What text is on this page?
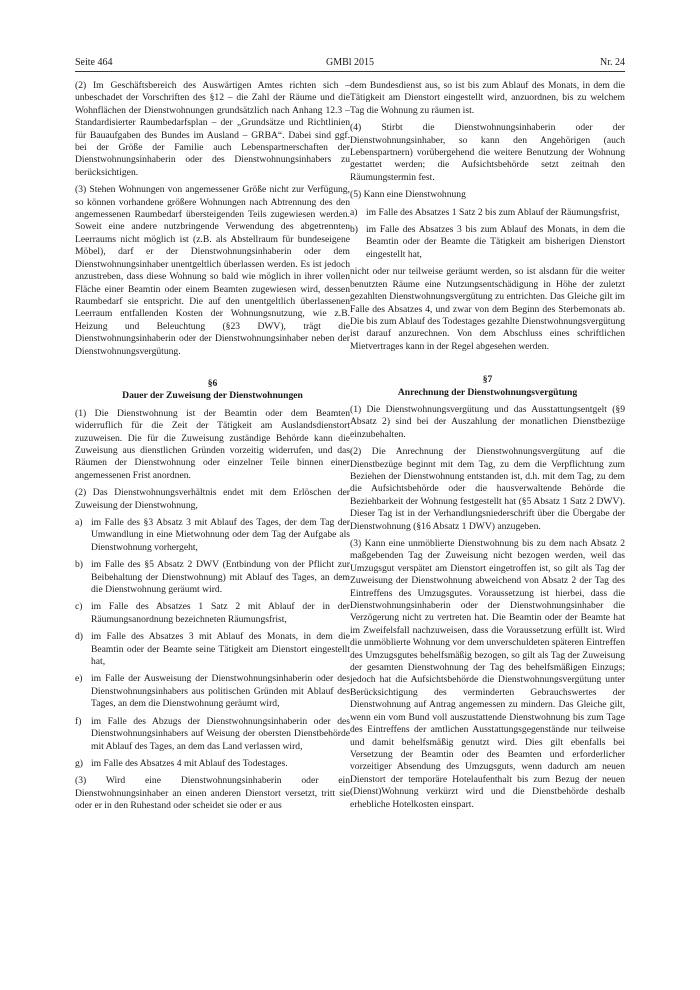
Seite 464	GMBl 2015	Nr. 24

(2) Im Geschäftsbereich des Auswärtigen Amtes richten sich – unbeschadet der Vorschriften des §12 – die Zahl der Räume und die Wohnflächen der Dienstwohnungen grundsätzlich nach Anhang 12.3 – Standardisierter Raumbedarfsplan – der „Grundsätze und Richtlinien für Bauaufgaben des Bundes im Ausland – GRBA“. Dabei sind ggf. bei der Größe der Familie auch Lebenspartnerschaften der Dienstwohnungsinhaberin oder des Dienstwohnungsinhabers zu berücksichtigen.

(3) Stehen Wohnungen von angemessener Größe nicht zur Verfügung, so können vorhandene größere Wohnungen nach Abtrennung des den angemessenen Raumbedarf übersteigenden Teils zugewiesen werden. Soweit eine andere nutzbringende Verwendung des abgetrennten Leerraums nicht möglich ist (z.B. als Abstellraum für bundeseigene Möbel), darf er der Dienstwohnungsinhaberin oder dem Dienstwohnungsinhaber unentgeltlich überlassen werden. Es ist jedoch anzustreben, dass diese Wohnung so bald wie möglich in ihrer vollen Fläche einer Beamtin oder einem Beamten zugewiesen wird, dessen Raumbedarf sie entspricht. Die auf den unentgeltlich überlassenen Leerraum entfallenden Kosten der Wohnungsnutzung, wie z.B. Heizung und Beleuchtung (§23 DWV), trägt die Dienstwohnungsinhaberin oder der Dienstwohnungsinhaber neben der Dienstwohnungsvergütung.

§6
Dauer der Zuweisung der Dienstwohnungen

(1) Die Dienstwohnung ist der Beamtin oder dem Beamten widerruflich für die Zeit der Tätigkeit am Auslandsdienstort zuzuweisen. Die für die Zuweisung zuständige Behörde kann die Zuweisung aus dienstlichen Gründen vorzeitig widerrufen, und das Räumen der Dienstwohnung oder einzelner Teile binnen einer angemessenen Frist anordnen.

(2) Das Dienstwohnungsverhältnis endet mit dem Erlöschen der Zuweisung der Dienstwohnung,

a) im Falle des §3 Absatz 3 mit Ablauf des Tages, der dem Tag der Umwandlung in eine Mietwohnung oder dem Tag der Aufgabe als Dienstwohnung vorhergeht,
b) im Falle des §5 Absatz 2 DWV (Entbindung von der Pflicht zur Beibehaltung der Dienstwohnung) mit Ablauf des Tages, an dem die Dienstwohnung geräumt wird.
c) im Falle des Absatzes 1 Satz 2 mit Ablauf der in der Räumungsanordnung bezeichneten Räumungsfrist,
d) im Falle des Absatzes 3 mit Ablauf des Monats, in dem die Beamtin oder der Beamte seine Tätigkeit am Dienstort eingestellt hat,
e) im Falle der Ausweisung der Dienstwohnungsinhaberin oder des Dienstwohnungsinhabers aus politischen Gründen mit Ablauf des Tages, an dem die Dienstwohnung geräumt wird,
f)	im Falle des Abzugs der Dienstwohnungsinhaberin oder des Dienstwohnungsinhabers auf Weisung der obersten Dienstbehörde mit Ablauf des Tages, an dem das Land verlassen wird,
g) im Falle des Absatzes 4 mit Ablauf des Todestages.

(3) Wird eine Dienstwohnungsinhaberin oder ein Dienstwohnungsinhaber an einen anderen Dienstort versetzt, tritt sie oder er in den Ruhestand oder scheidet sie oder er aus

dem Bundesdienst aus, so ist bis zum Ablauf des Monats, in dem die Tätigkeit am Dienstort eingestellt wird, anzuordnen, bis zu welchem Tag die Wohnung zu räumen ist.

(4) Stirbt die Dienstwohnungsinhaberin oder der Dienstwohnungsinhaber, so kann den Angehörigen (auch Lebenspartnern) vorübergehend die weitere Benutzung der Wohnung gestattet werden; die Aufsichtsbehörde setzt zeitnah den Räumungstermin fest.

(5) Kann eine Dienstwohnung

a) im Falle des Absatzes 1 Satz 2 bis zum Ablauf der Räumungsfrist,
b) im Falle des Absatzes 3 bis zum Ablauf des Monats, in dem die Beamtin oder der Beamte die Tätigkeit am bisherigen Dienstort eingestellt hat,

nicht oder nur teilweise geräumt werden, so ist alsdann für die weiter benutzten Räume eine Nutzungsentschädigung in Höhe der zuletzt gezahlten Dienstwohnungsvergütung zu entrichten. Das Gleiche gilt im Falle des Absatzes 4, und zwar von dem Beginn des Sterbemonats ab. Die bis zum Ablauf des Todestages gezahlte Dienstwohnungsvergütung ist darauf anzurechnen. Von dem Abschluss eines schriftlichen Mietvertrages kann in der Regel abgesehen werden.

§7
Anrechnung der Dienstwohnungsvergütung

(1) Die Dienstwohnungsvergütung und das Ausstattungsentgelt (§9 Absatz 2) sind bei der Auszahlung der monatlichen Dienstbezüge einzubehalten.

(2) Die Anrechnung der Dienstwohnungsvergütung auf die Dienstbezüge beginnt mit dem Tag, zu dem die Verpflichtung zum Beziehen der Dienstwohnung entstanden ist, d.h. mit dem Tag, zu dem die Aufsichtsbehörde oder die hausverwaltende Behörde die Beziehbarkeit der Wohnung festgestellt hat (§5 Absatz 1 Satz 2 DWV). Dieser Tag ist in der Verhandlungsniederschrift über die Übergabe der Dienstwohnung (§16 Absatz 1 DWV) anzugeben.

(3) Kann eine unmöblierte Dienstwohnung bis zu dem nach Absatz 2 maßgebenden Tag der Zuweisung nicht bezogen werden, weil das Umzugsgut verspätet am Dienstort eingetroffen ist, so gilt als Tag der Zuweisung der Dienstwohnung abweichend von Absatz 2 der Tag des Eintreffens des Umzugsgutes. Voraussetzung ist hierbei, dass die Dienstwohnungsinhaberin oder der Dienstwohnungsinhaber die Verzögerung nicht zu vertreten hat. Die Beamtin oder der Beamte hat im Zweifelsfall nachzuweisen, dass die Voraussetzung erfüllt ist. Wird die unmöblierte Wohnung vor dem unverschuldeten späteren Eintreffen des Umzugsgutes behelfsmäßig bezogen, so gilt als Tag der Zuweisung der gesamten Dienstwohnung der Tag des behelfsmäßigen Einzugs; jedoch hat die Aufsichtsbehörde die Dienstwohnungsvergütung unter Berücksichtigung des verminderten Gebrauchswertes der Dienstwohnung auf Antrag angemessen zu mindern. Das Gleiche gilt, wenn ein vom Bund voll auszustattende Dienstwohnung bis zum Tage des Eintreffens der amtlichen Ausstattungsgegenstände nur teilweise und damit behelfsmäßig genutzt wird. Dies gilt ebenfalls bei Versetzung der Beamtin oder des Beamten und erforderlicher vorzeitiger Absendung des Umzugsguts, wenn dadurch am neuen Dienstort der temporäre Hotelaufenthalt bis zum Bezug der neuen (Dienst)Wohnung verkürzt wird und die Dienstbehörde deshalb erhebliche Hotelkosten einspart.
